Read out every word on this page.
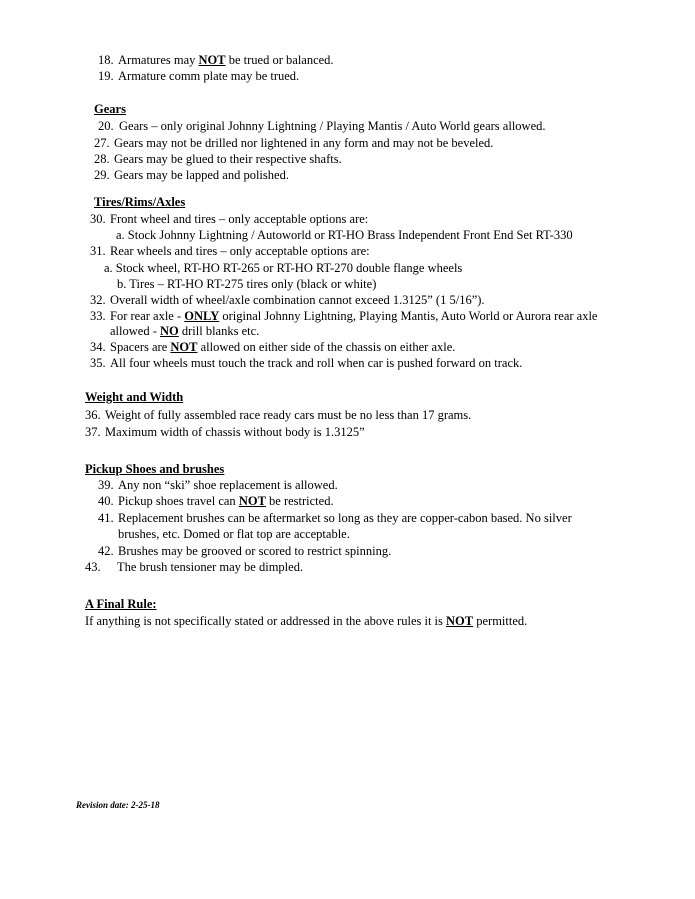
18. Armatures may NOT be trued or balanced.
19. Armature comm plate may be trued.
Gears
20. Gears – only original Johnny Lightning / Playing Mantis / Auto World gears allowed.
27. Gears may not be drilled nor lightened in any form and may not be beveled.
28. Gears may be glued to their respective shafts.
29. Gears may be lapped and polished.
Tires/Rims/Axles
30. Front wheel and tires – only acceptable options are:
a. Stock Johnny Lightning / Autoworld or RT-HO Brass Independent Front End Set RT-330
31. Rear wheels and tires – only acceptable options are:
a. Stock wheel, RT-HO RT-265 or RT-HO RT-270 double flange wheels
b. Tires – RT-HO RT-275 tires only (black or white)
32. Overall width of wheel/axle combination cannot exceed 1.3125” (1 5/16”).
33. For rear axle - ONLY original Johnny Lightning, Playing Mantis, Auto World or Aurora rear axle
allowed - NO drill blanks etc.
34. Spacers are NOT allowed on either side of the chassis on either axle.
35. All four wheels must touch the track and roll when car is pushed forward on track.
Weight and Width
36. Weight of fully assembled race ready cars must be no less than 17 grams.
37. Maximum width of chassis without body is 1.3125”
Pickup Shoes and brushes
39. Any non “ski” shoe replacement is allowed.
40. Pickup shoes travel can NOT be restricted.
41. Replacement brushes can be aftermarket so long as they are copper-cabon based. No silver
brushes, etc. Domed or flat top are acceptable.
42. Brushes may be grooved or scored to restrict spinning.
43. The brush tensioner may be dimpled.
A Final Rule:
If anything is not specifically stated or addressed in the above rules it is NOT permitted.
Revision date: 2-25-18
